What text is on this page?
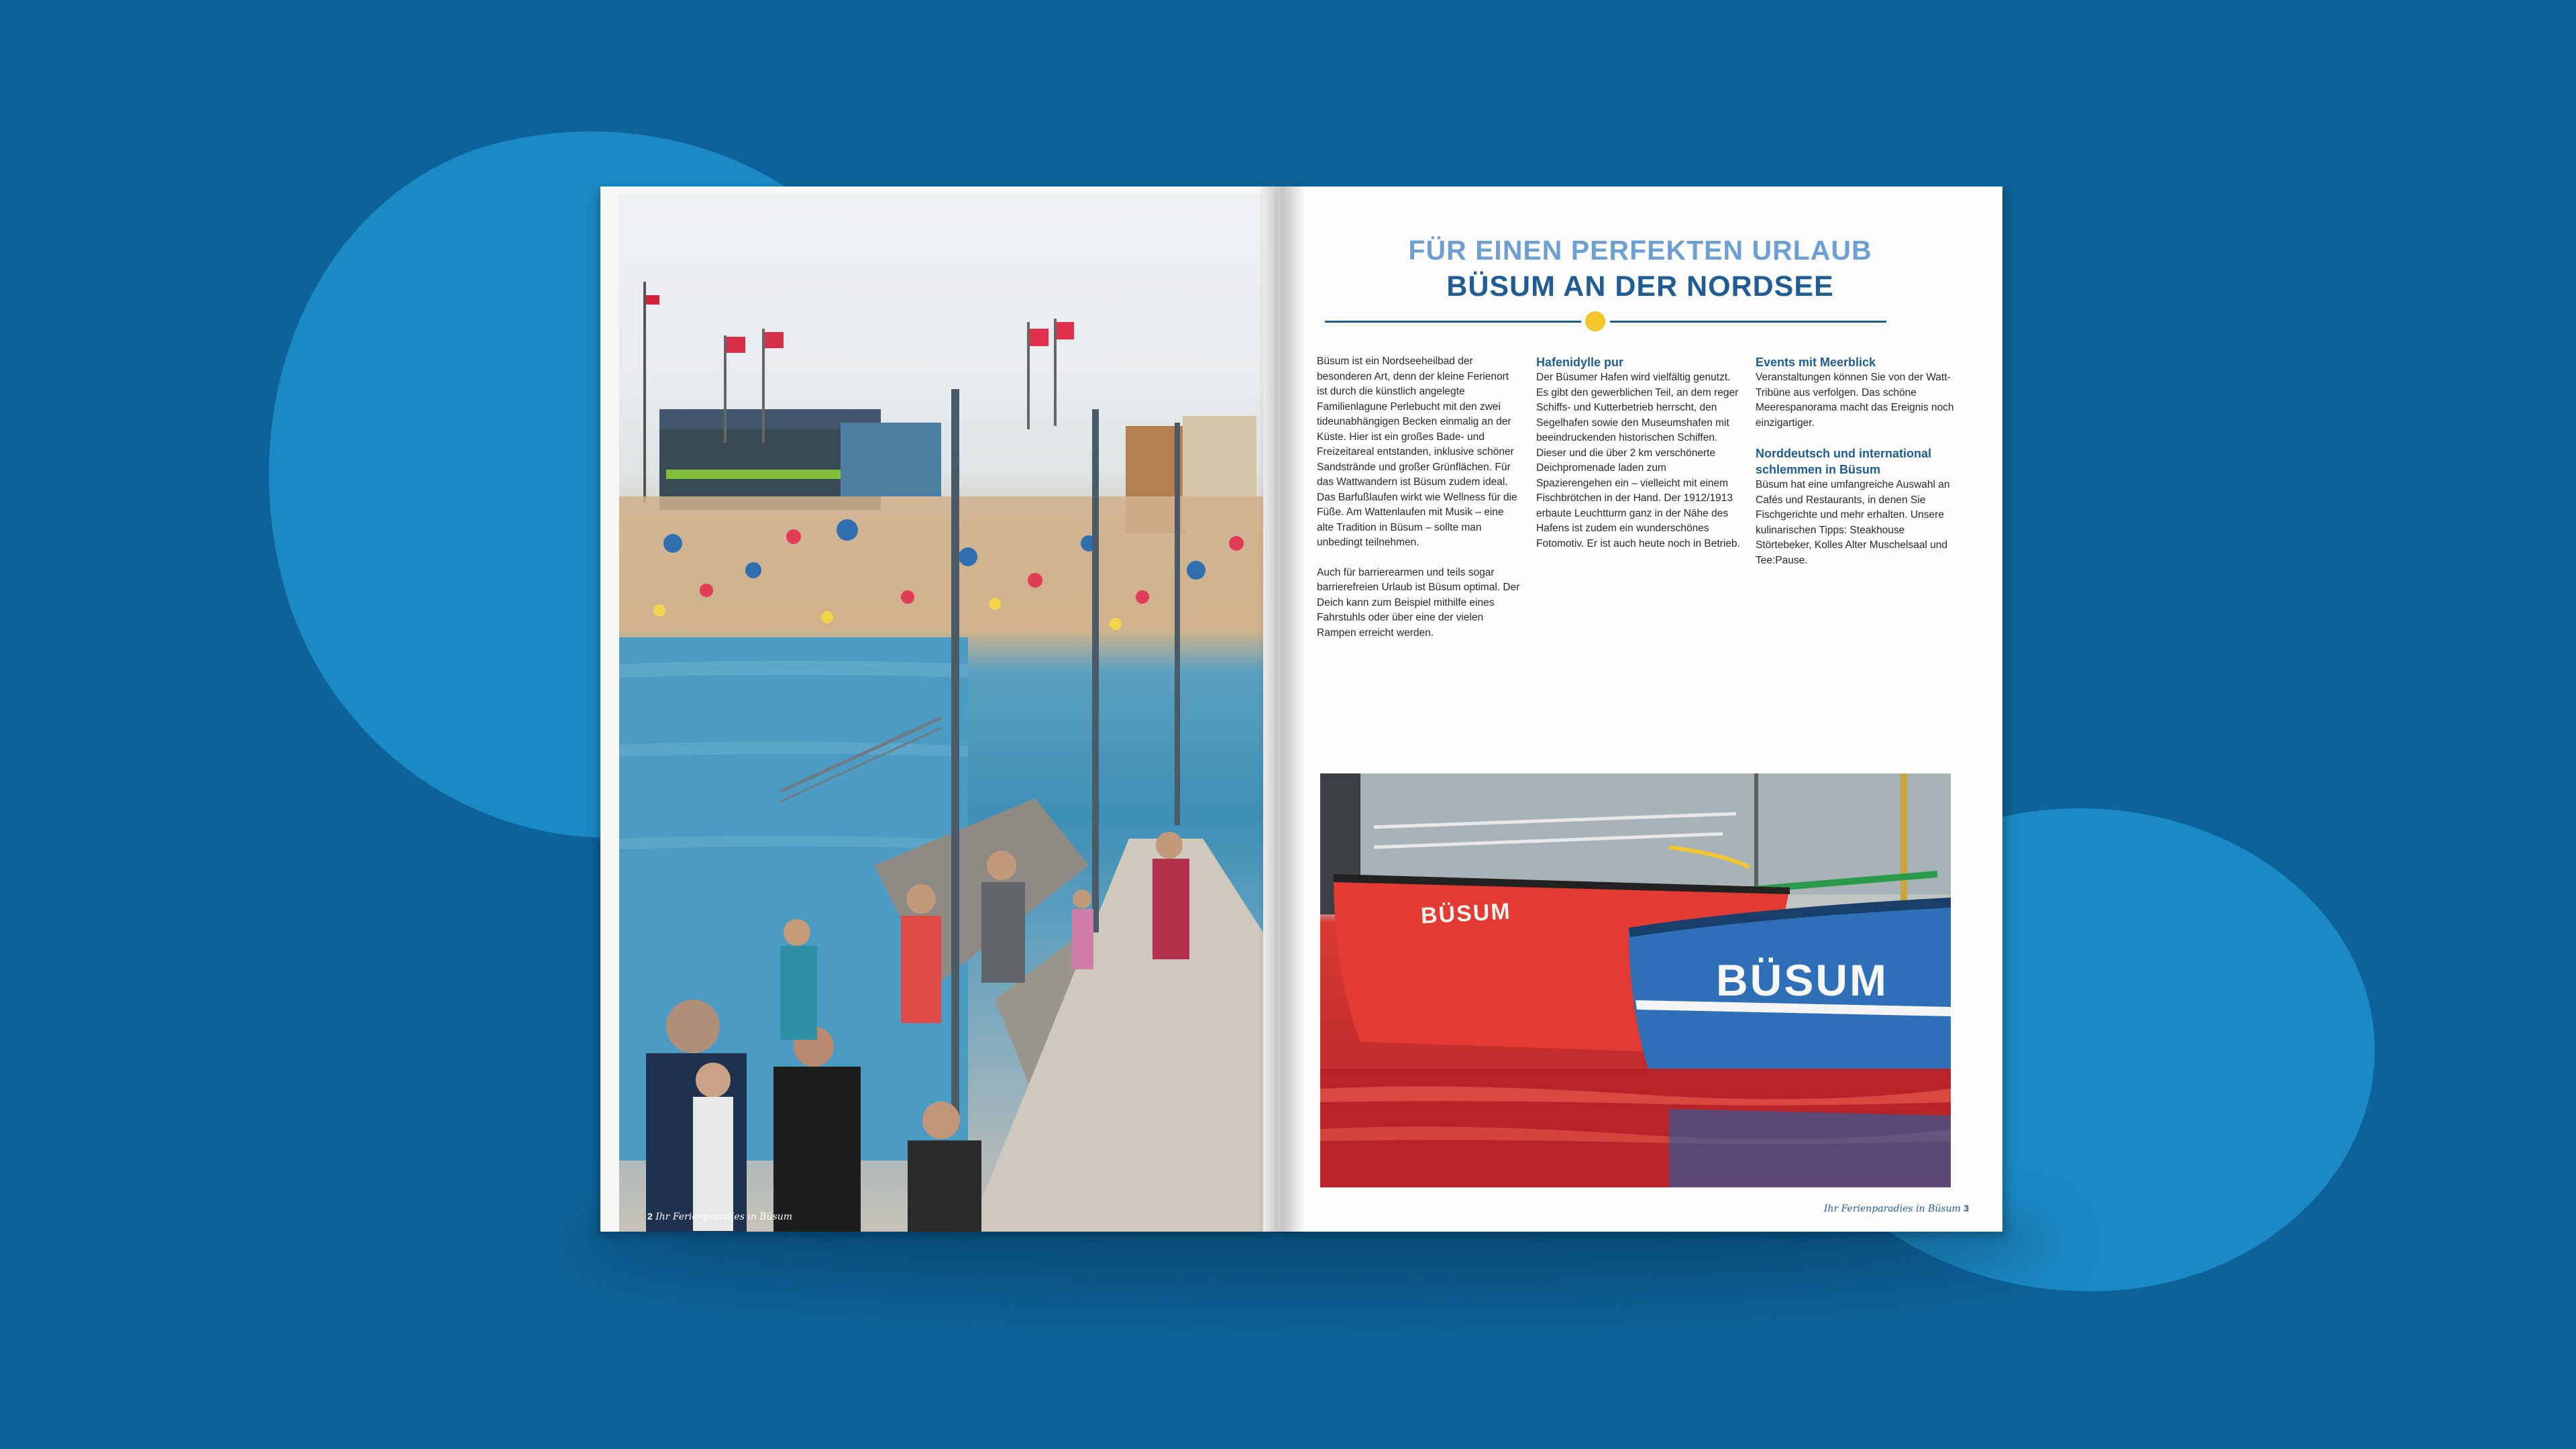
2 Ihr Ferienparadies in Büsum
FÜR EINEN PERFEKTEN URLAUB
BÜSUM AN DER NORDSEE

Büsum ist ein Nordseeheilbad der besonderen Art, denn der kleine Ferienort ist durch die künstlich angelegte Familienlagune Perlebucht mit den zwei tideunabhängigen Becken einmalig an der Küste. Hier ist ein großes Bade- und Freizeitareal entstanden, inklusive schöner Sandstrände und großer Grünflächen. Für das Wattwandern ist Büsum zudem ideal. Das Barfußlaufen wirkt wie Wellness für die Füße. Am Wattenlaufen mit Musik – eine alte Tradition in Büsum – sollte man unbedingt teilnehmen.

Auch für barrierearmen und teils sogar barrierefreien Urlaub ist Büsum optimal. Der Deich kann zum Beispiel mithilfe eines Fahrstuhls oder über eine der vielen Rampen erreicht werden.

Hafenidylle pur

Der Büsumer Hafen wird vielfältig genutzt. Es gibt den gewerblichen Teil, an dem reger Schiffs- und Kutterbetrieb herrscht, den Segelhafen sowie den Museumshafen mit beeindruckenden historischen Schiffen. Dieser und die über 2 km verschönerte Deichpromenade laden zum Spazierengehen ein – vielleicht mit einem Fischbrötchen in der Hand. Der 1912/1913 erbaute Leuchtturm ganz in der Nähe des Hafens ist zudem ein wunderschönes Fotomotiv. Er ist auch heute noch in Betrieb.

Events mit Meerblick

Veranstaltungen können Sie von der Watt-Tribüne aus verfolgen. Das schöne Meerespanorama macht das Ereignis noch einzigartiger.

Norddeutsch und international schlemmen in Büsum

Büsum hat eine umfangreiche Auswahl an Cafés und Restaurants, in denen Sie Fischgerichte und mehr erhalten. Unsere kulinarischen Tipps: Steakhouse Störtebeker, Kolles Alter Muschelsaal und Tee:Pause.

BÜSUM
BÜSUM
Ihr Ferienparadies in Büsum 3
